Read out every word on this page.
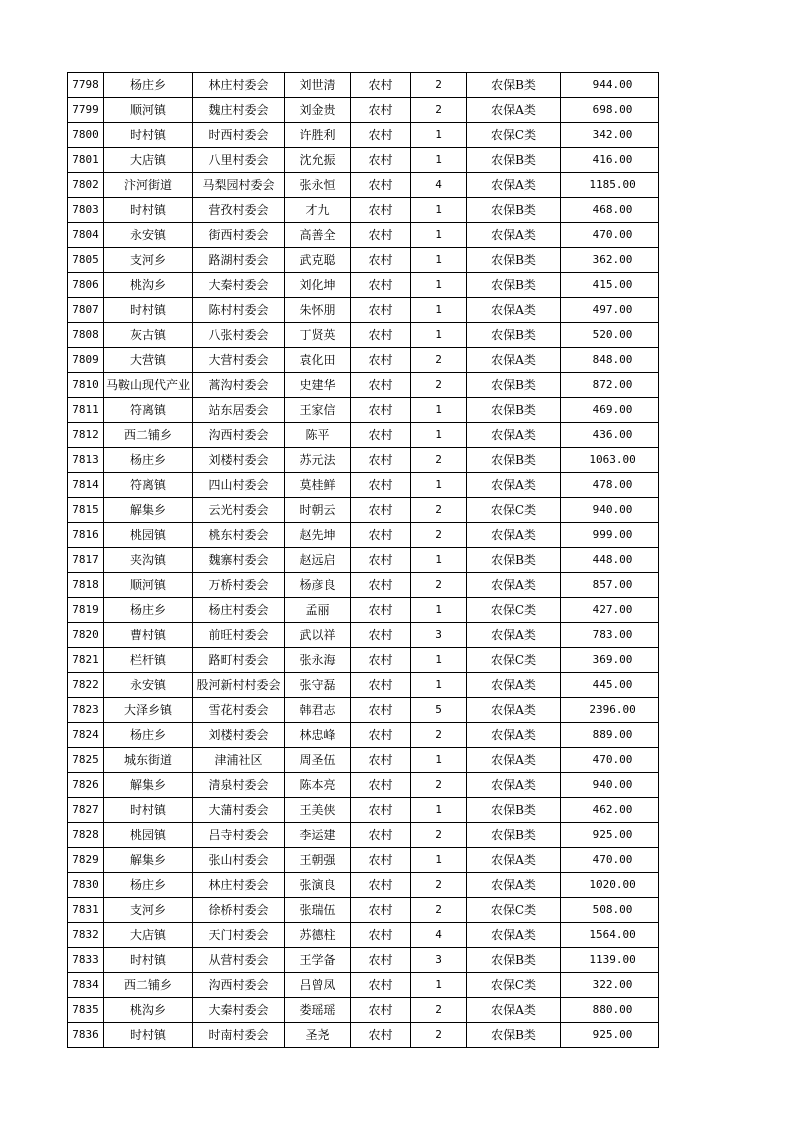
7798	杨庄乡	林庄村委会	刘世清	农村	2	农保B类	944.00
7799	顺河镇	魏庄村委会	刘金贵	农村	2	农保A类	698.00
7800	时村镇	时西村委会	许胜利	农村	1	农保C类	342.00
7801	大店镇	八里村委会	沈允振	农村	1	农保B类	416.00
7802	汴河街道	马梨园村委会	张永恒	农村	4	农保A类	1185.00
7803	时村镇	营孜村委会	才九	农村	1	农保B类	468.00
7804	永安镇	街西村委会	高善全	农村	1	农保A类	470.00
7805	支河乡	路湖村委会	武克聪	农村	1	农保B类	362.00
7806	桃沟乡	大秦村委会	刘化坤	农村	1	农保B类	415.00
7807	时村镇	陈村村委会	朱怀朋	农村	1	农保A类	497.00
7808	灰古镇	八张村委会	丁贤英	农村	1	农保B类	520.00
7809	大营镇	大营村委会	袁化田	农村	2	农保A类	848.00
7810	马鞍山现代产业	蒿沟村委会	史建华	农村	2	农保B类	872.00
7811	符离镇	站东居委会	王家信	农村	1	农保B类	469.00
7812	西二铺乡	沟西村委会	陈平	农村	1	农保A类	436.00
7813	杨庄乡	刘楼村委会	苏元法	农村	2	农保B类	1063.00
7814	符离镇	四山村委会	莫桂鲜	农村	1	农保A类	478.00
7815	解集乡	云光村委会	时朝云	农村	2	农保C类	940.00
7816	桃园镇	桃东村委会	赵先坤	农村	2	农保A类	999.00
7817	夹沟镇	魏寨村委会	赵远启	农村	1	农保B类	448.00
7818	顺河镇	万桥村委会	杨彦良	农村	2	农保A类	857.00
7819	杨庄乡	杨庄村委会	孟丽	农村	1	农保C类	427.00
7820	曹村镇	前旺村委会	武以祥	农村	3	农保A类	783.00
7821	栏杆镇	路町村委会	张永海	农村	1	农保C类	369.00
7822	永安镇	股河新村村委会	张守磊	农村	1	农保A类	445.00
7823	大泽乡镇	雪花村委会	韩君志	农村	5	农保A类	2396.00
7824	杨庄乡	刘楼村委会	林忠峰	农村	2	农保A类	889.00
7825	城东街道	津浦社区	周圣伍	农村	1	农保A类	470.00
7826	解集乡	清泉村委会	陈本亮	农村	2	农保A类	940.00
7827	时村镇	大蒲村委会	王美侠	农村	1	农保B类	462.00
7828	桃园镇	吕寺村委会	李运建	农村	2	农保B类	925.00
7829	解集乡	张山村委会	王朝强	农村	1	农保A类	470.00
7830	杨庄乡	林庄村委会	张演良	农村	2	农保A类	1020.00
7831	支河乡	徐桥村委会	张瑞伍	农村	2	农保C类	508.00
7832	大店镇	天门村委会	苏德柱	农村	4	农保A类	1564.00
7833	时村镇	从营村委会	王学备	农村	3	农保B类	1139.00
7834	西二铺乡	沟西村委会	吕曾凤	农村	1	农保C类	322.00
7835	桃沟乡	大秦村委会	娄瑶瑶	农村	2	农保A类	880.00
7836	时村镇	时南村委会	圣尧	农村	2	农保B类	925.00
